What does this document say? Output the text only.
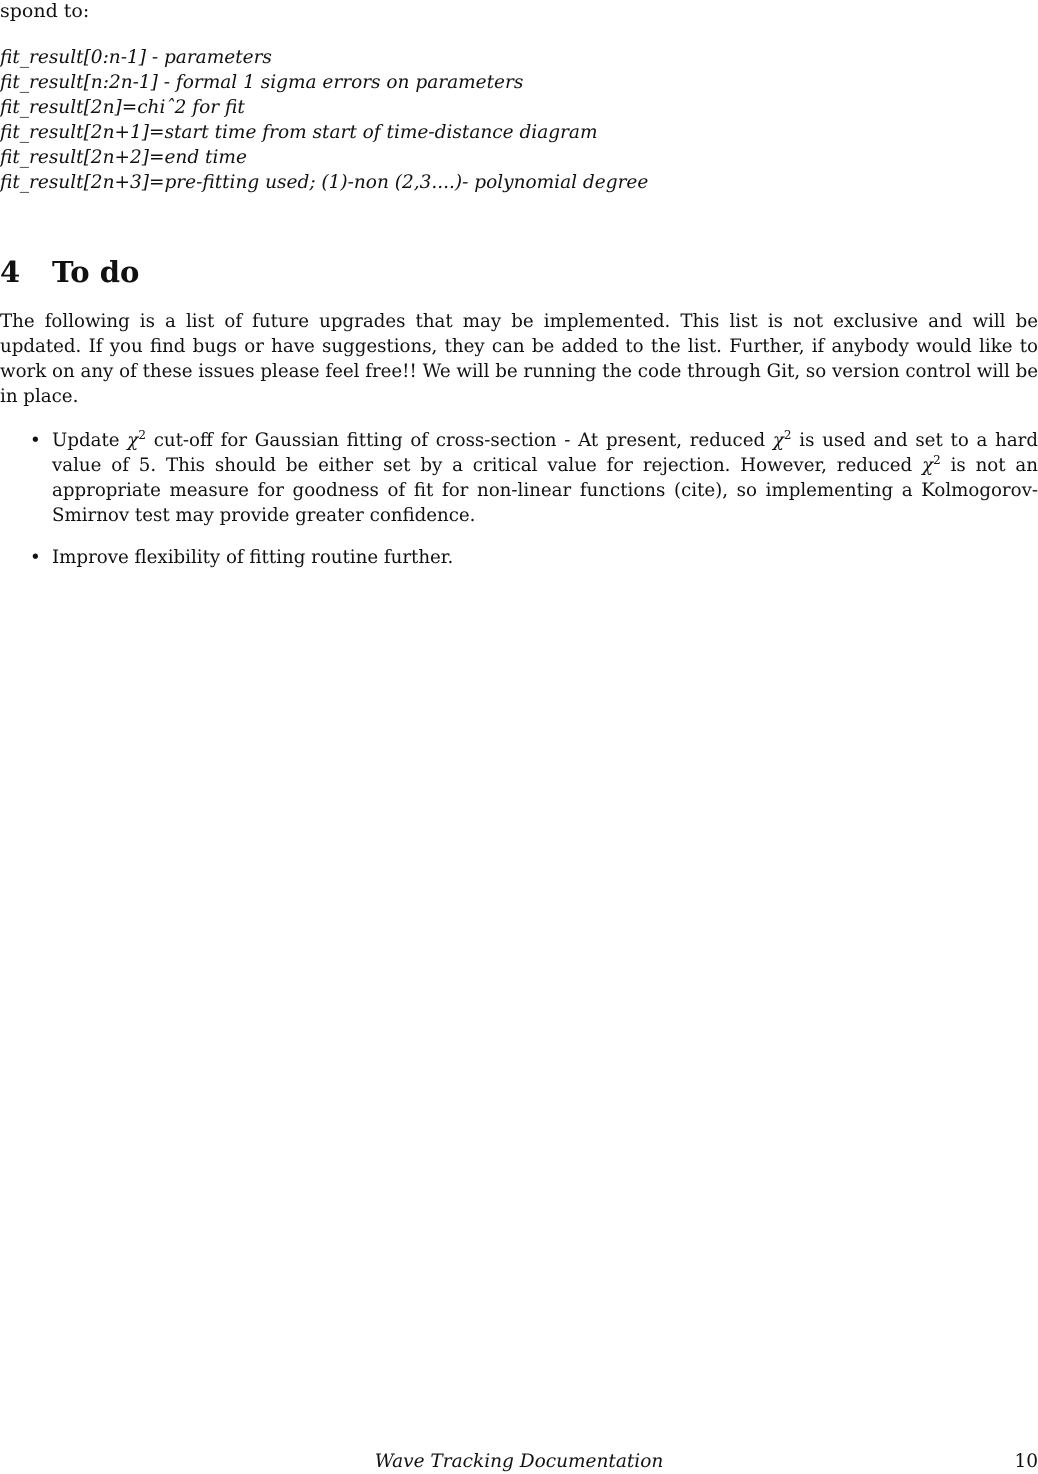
spond to:
fit_result[0:n-1] - parameters
fit_result[n:2n-1] - formal 1 sigma errors on parameters
fit_result[2n]=chiˆ2 for fit
fit_result[2n+1]=start time from start of time-distance diagram
fit_result[2n+2]=end time
fit_result[2n+3]=pre-fitting used; (1)-non (2,3....)- polynomial degree
4 To do

The following is a list of future upgrades that may be implemented. This list is not exclusive and will be updated. If you find bugs or have suggestions, they can be added to the list. Further, if anybody would like to work on any of these issues please feel free!! We will be running the code through Git, so version control will be in place.

• Update $\chi^2$ cut-off for Gaussian fitting of cross-section - At present, reduced $\chi^2$ is used and set to a hard value of 5. This should be either set by a critical value for rejection. However, reduced $\chi^2$ is not an appropriate measure for goodness of fit for non-linear functions (cite), so implementing a Kolmogorov-Smirnov test may provide greater confidence.
• Improve flexibility of fitting routine further.
Wave Tracking Documentation	10
